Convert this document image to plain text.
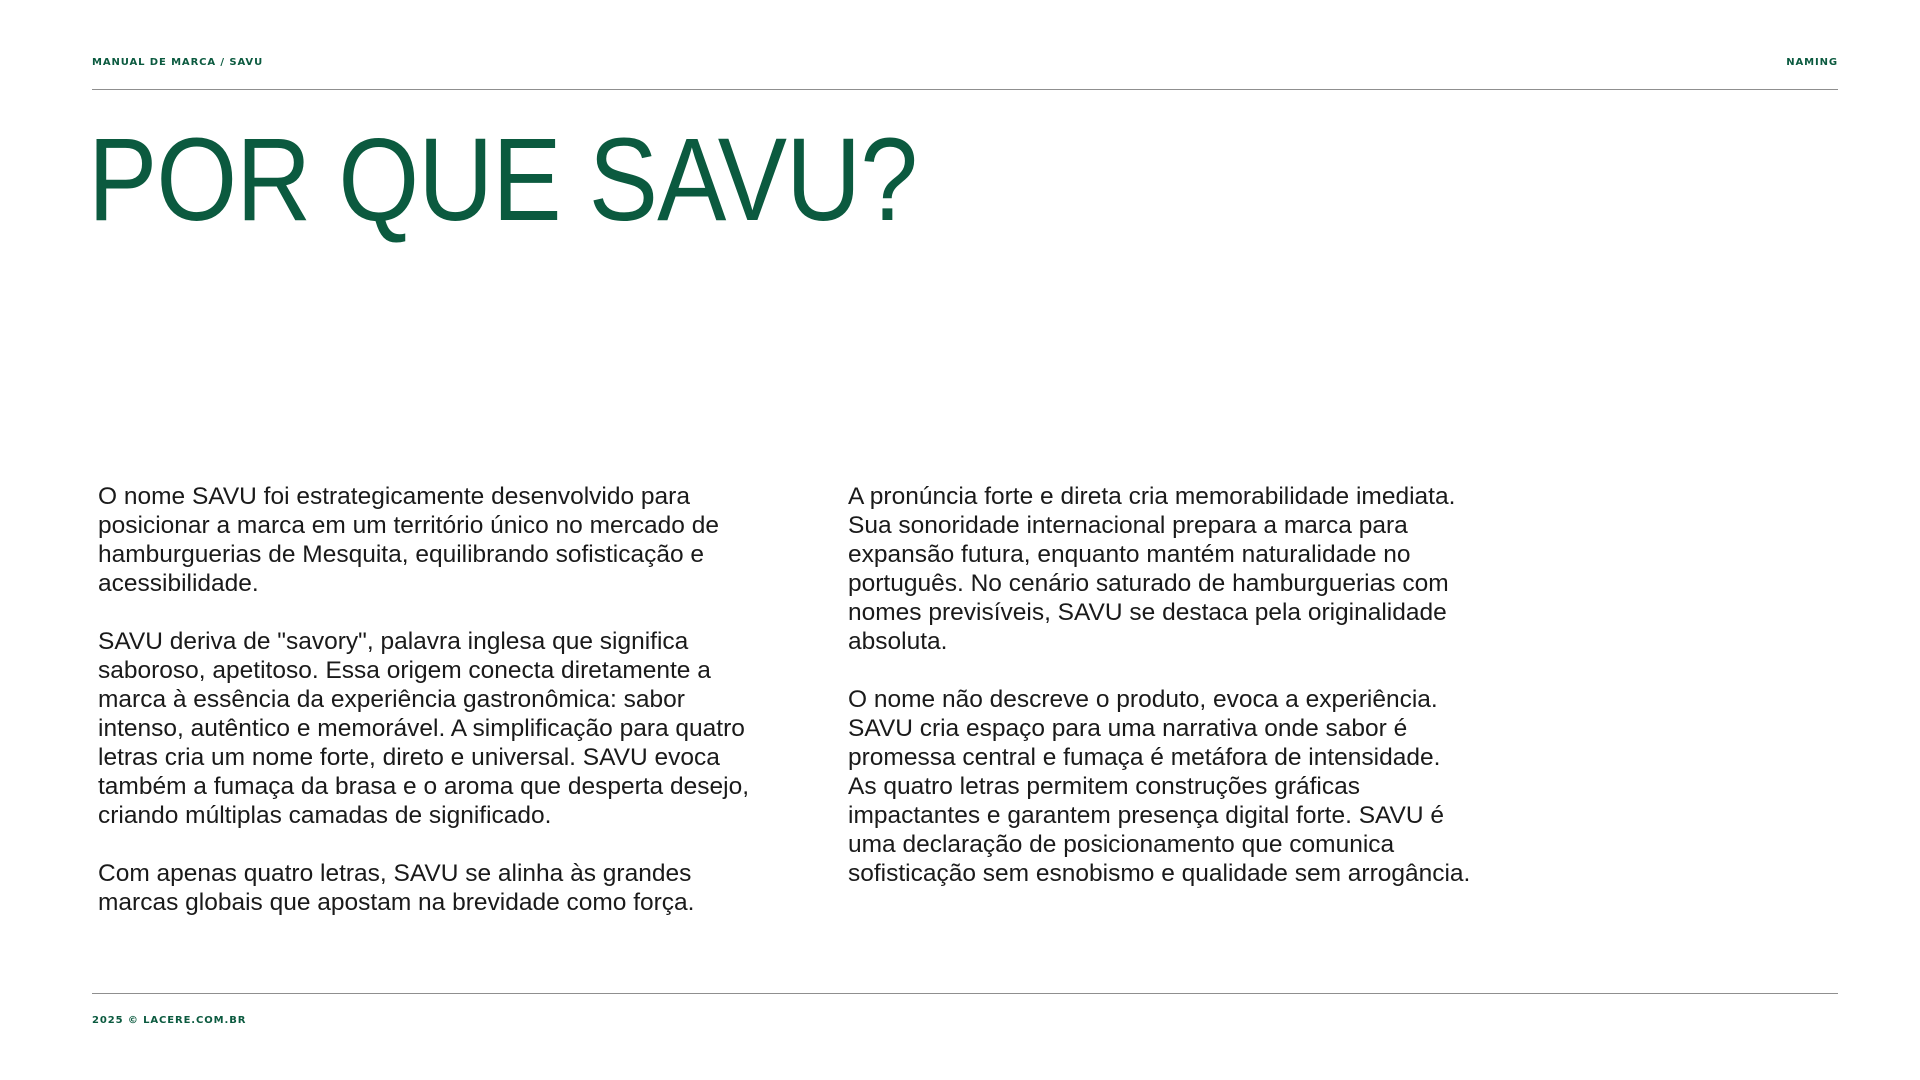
MANUAL DE MARCA / SAVU	NAMING
POR QUE SAVU?

O nome SAVU foi estrategicamente desenvolvido para
posicionar a marca em um território único no mercado de
hamburguerias de Mesquita, equilibrando sofisticação e
acessibilidade.

SAVU deriva de "savory", palavra inglesa que significa
saboroso, apetitoso. Essa origem conecta diretamente a
marca à essência da experiência gastronômica: sabor
intenso, autêntico e memorável. A simplificação para quatro
letras cria um nome forte, direto e universal. SAVU evoca
também a fumaça da brasa e o aroma que desperta desejo,
criando múltiplas camadas de significado.

Com apenas quatro letras, SAVU se alinha às grandes
marcas globais que apostam na brevidade como força.

A pronúncia forte e direta cria memorabilidade imediata.
Sua sonoridade internacional prepara a marca para
expansão futura, enquanto mantém naturalidade no
português. No cenário saturado de hamburguerias com
nomes previsíveis, SAVU se destaca pela originalidade
absoluta.

O nome não descreve o produto, evoca a experiência.
SAVU cria espaço para uma narrativa onde sabor é
promessa central e fumaça é metáfora de intensidade.
As quatro letras permitem construções gráficas
impactantes e garantem presença digital forte. SAVU é
uma declaração de posicionamento que comunica
sofisticação sem esnobismo e qualidade sem arrogância.

2025 © LACERE.COM.BR
